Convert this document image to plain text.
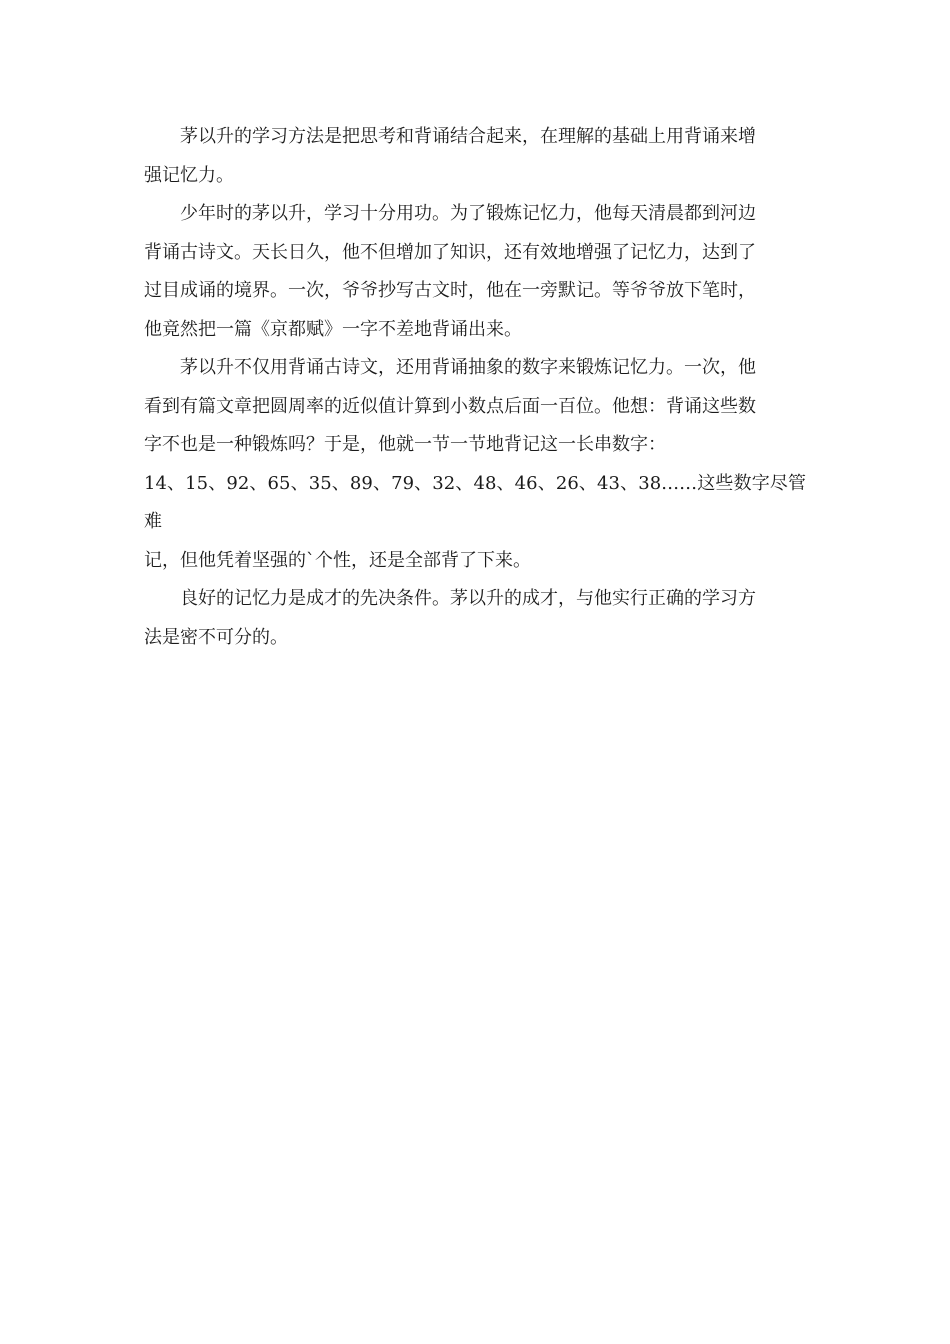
茅以升的学习方法是把思考和背诵结合起来，在理解的基础上用背诵来增
强记忆力。

少年时的茅以升，学习十分用功。为了锻炼记忆力，他每天清晨都到河边
背诵古诗文。天长日久，他不但增加了知识，还有效地增强了记忆力，达到了
过目成诵的境界。一次，爷爷抄写古文时，他在一旁默记。等爷爷放下笔时，
他竟然把一篇《京都赋》一字不差地背诵出来。

茅以升不仅用背诵古诗文，还用背诵抽象的数字来锻炼记忆力。一次，他
看到有篇文章把圆周率的近似值计算到小数点后面一百位。他想：背诵这些数
字不也是一种锻炼吗？于是，他就一节一节地背记这一长串数字：

14、15、92、65、35、89、79、32、48、46、26、43、38……这些数字尽管难
记，但他凭着坚强的`个性，还是全部背了下来。

良好的记忆力是成才的先决条件。茅以升的成才，与他实行正确的学习方
法是密不可分的。
